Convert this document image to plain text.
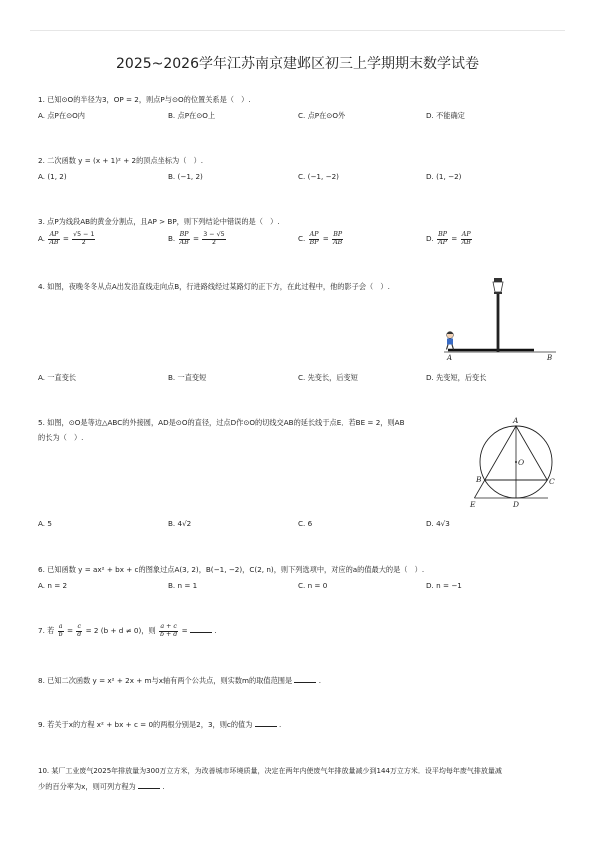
2025~2026学年江苏南京建邺区初三上学期期末数学试卷
1. 已知⊙O的半径为3，OP = 2，则点P与⊙O的位置关系是（　）.
A. 点P在⊙O内	B. 点P在⊙O上	C. 点P在⊙O外	D. 不能确定
2. 二次函数 y = (x + 1)² + 2的顶点坐标为（　）.
A. (1, 2)	B. (−1, 2)	C. (−1, −2)	D. (1, −2)
3. 点P为线段AB的黄金分割点，且AP > BP，则下列结论中错误的是（　）.
A. $\frac{AP}{AB} = \frac{√5 - 1}{2}$	B. $\frac{BP}{AB} = \frac{3 - √5}{2}$	C. $\frac{AP}{BP} = \frac{BP}{AB}$	D. $\frac{BP}{AP} = \frac{AP}{AB}$
4. 如图，夜晚冬冬从点A出发沿直线走向点B，行进路线经过某路灯的正下方，在此过程中，他的影子会（　）.
A	B
A. 一直变长	B. 一直变短	C. 先变长，后变短	D. 先变短，后变长
5. 如图，⊙O是等边△ABC的外接圆，AD是⊙O的直径，过点D作⊙O的切线交AB的延长线于点E．若BE = 2，则AB
的长为（　）.
A
B	C
D
E
O
A. 5	B. 4√2	C. 6	D. 4√3
6. 已知函数 y = ax² + bx + c的图象过点A(3, 2)，B(−1, −2)，C(2, n)，则下列选项中，对应的a的值最大的是（　）.
A. n = 2	B. n = 1	C. n = 0	D. n = −1
7. 若 $\frac{a}{b} = \frac{c}{d} = 2$ (b + d ≠ 0)，则 $\frac{a + c}{b + d}$ =	.
8. 已知二次函数 y = x² + 2x + m与x轴有两个公共点，则实数m的取值范围是	.
9. 若关于x的方程 x² + bx + c = 0的两根分别是2，3，则c的值为	.
10. 某厂工业废气2025年排放量为300万立方米，为改善城市环境质量，决定在两年内使废气年排放量减少到144万立方米．设平均每年废气排放量减
少的百分率为x，则可列方程为	.
